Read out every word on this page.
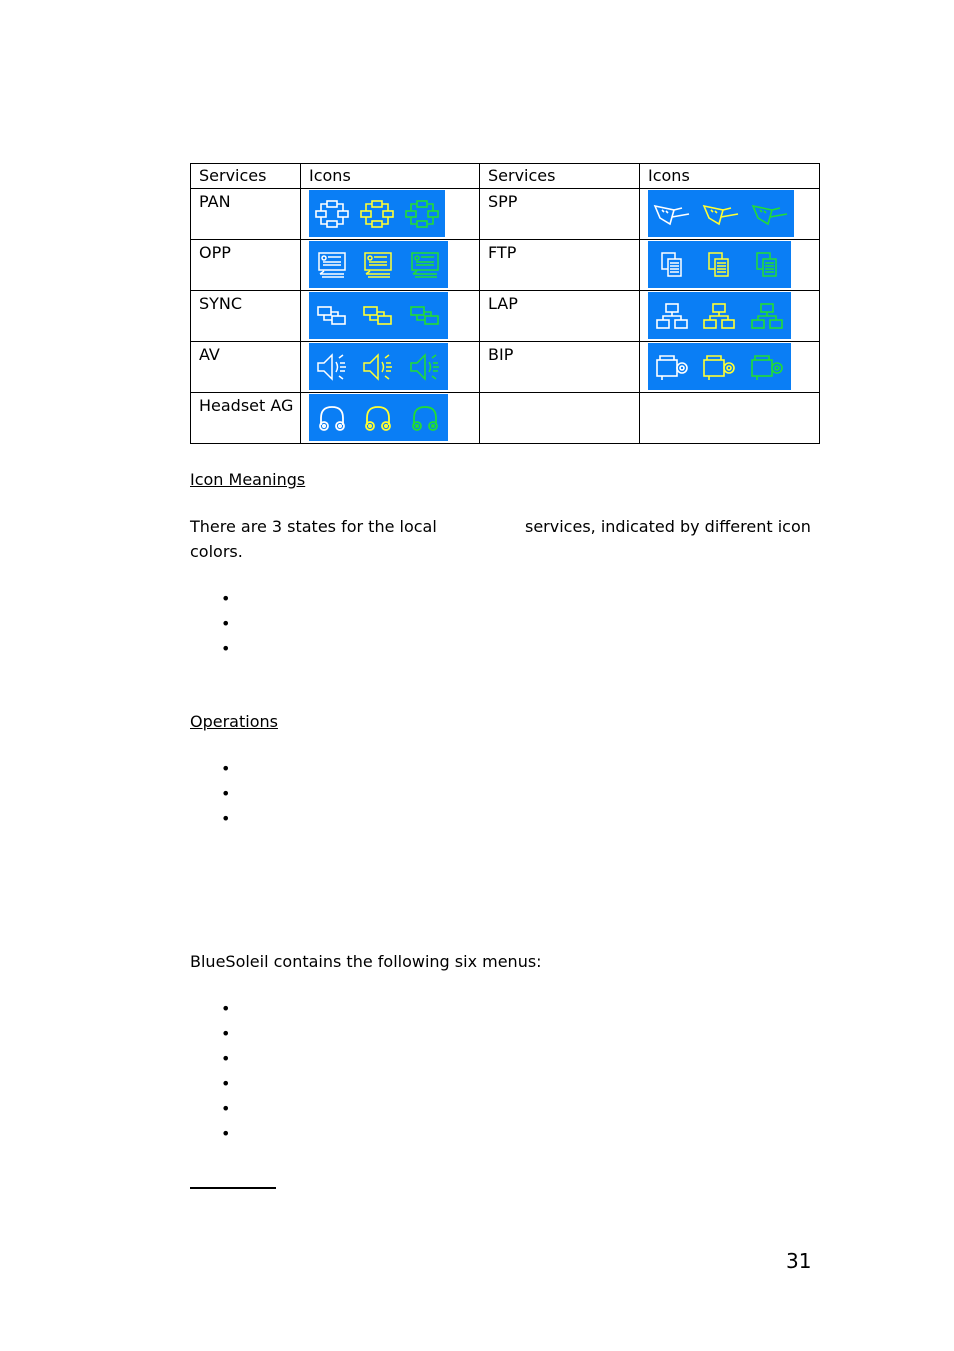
Services	Icons	Services	Icons
PAN		SPP	

OPP		FTP	

SYNC		LAP	

AV		BIP	

Headset AG	

Icon Meanings
There are 3 states for the local	services, indicated by different icon
colors.
•
•
•
Operations
•
•
•
BlueSoleil contains the following six menus:
•
•
•
•
•
•
31
